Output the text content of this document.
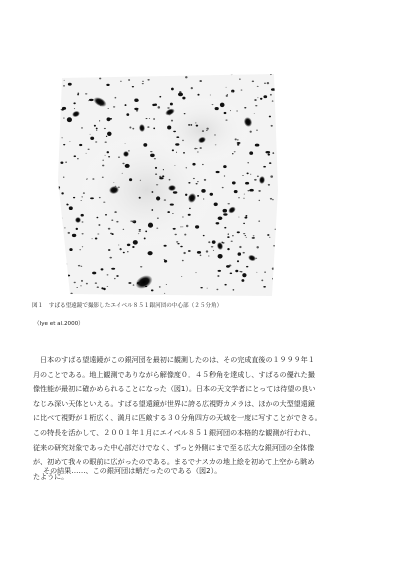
図１　すばる望遠鏡で撮影したエイベル８５１銀河団の中心部（２５分角）
（Iye et al.2000）
　日本のすばる望遠鏡がこの銀河団を最初に観測したのは、その完成直後の１９９９年１
月のことである。地上観測でありながら解像度０．４５秒角を達成し、すばるの優れた撮
像性能が最初に確かめられることになった（図1）。日本の天文学者にとっては待望の良い
なじみ深い天体といえる。すばる望遠鏡が世界に誇る広視野カメラは、ほかの大型望遠鏡
に比べて視野が１桁広く、満月に匹敵する３０分角四方の天域を一度に写すことができる。
この特長を活かして、２００１年１月にエイベル８５１銀河団の本格的な観測が行われ、
従来の研究対象であった中心部だけでなく、ずっと外側にまで至る広大な銀河団の全体像
が、初めて我々の眼前に広がったのである。まるでナスカの地上絵を初めて上空から眺め
たように。
その結果……、この銀河団は蛸だったのである（図2）。
